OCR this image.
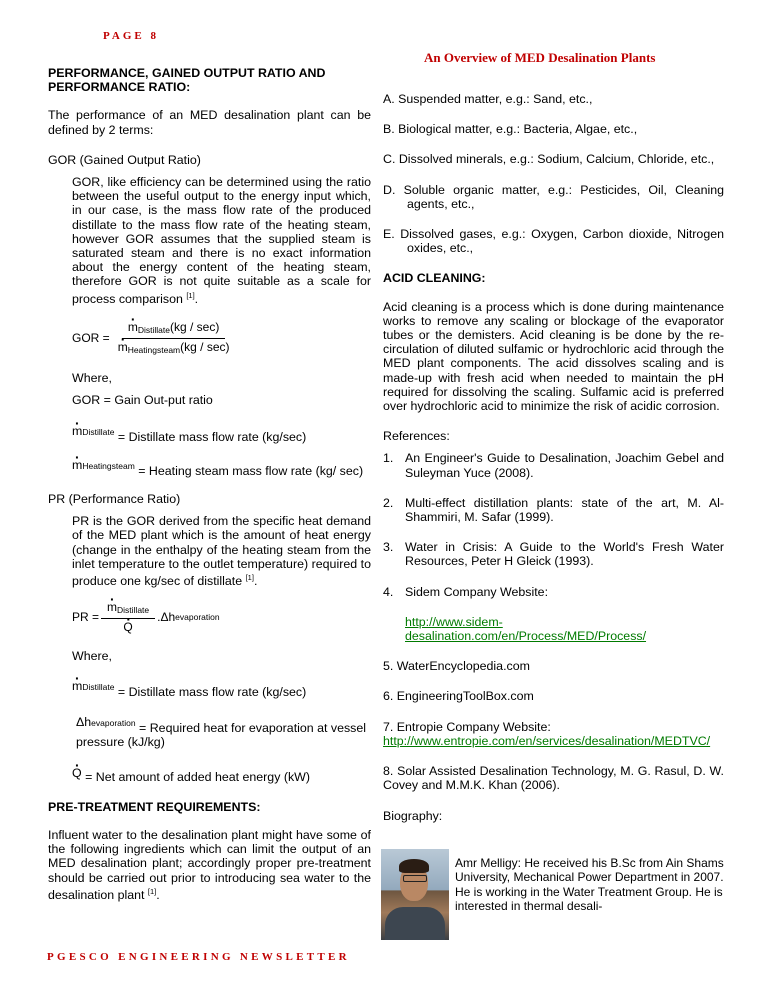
PAGE 8
An Overview of MED Desalination Plants
PERFORMANCE, GAINED OUTPUT RATIO AND PERFORMANCE RATIO:

The performance of an MED desalination plant can be defined by 2 terms:

GOR (Gained Output Ratio)

GOR, like efficiency can be determined using the ratio between the useful output to the energy input which, in our case, is the mass flow rate of the produced distillate to the mass flow rate of the heating steam, however GOR assumes that the supplied steam is saturated steam and there is no exact information about the energy content of the heating steam, therefore GOR is not quite suitable as a scale for process comparison [1].

GOR = · $m_{Distillate}(kg / \sec)$
· $m_{Heatingsteam}(kg / \sec)$

Where,

GOR = Gain Out-put ratio

· $m^{Distillate}$ = Distillate mass flow rate (kg/sec)

· $m^{Heatingsteam}$ = Heating steam mass flow rate (kg/ sec)

PR (Performance Ratio)

PR is the GOR derived from the specific heat demand of the MED plant which is the amount of heat energy (change in the enthalpy of the heating steam from the inlet temperature to the outlet temperature) required to produce one kg/sec of distillate [1].

PR = · $m_{Distillate}$
· Q .Δh evaporation

Where,

· $m^{Distillate}$ = Distillate mass flow rate (kg/sec)

$\Delta h^{evaporation}$ = Required heat for evaporation at vessel pressure (kJ/kg)

· Q = Net amount of added heat energy (kW)

PRE-TREATMENT REQUIREMENTS:

Influent water to the desalination plant might have some of the following ingredients which can limit the output of an MED desalination plant; accordingly proper pre-treatment should be carried out prior to introducing sea water to the desalination plant [1].

A. Suspended matter, e.g.: Sand, etc.,

B. Biological matter, e.g.: Bacteria, Algae, etc.,

C. Dissolved minerals, e.g.: Sodium, Calcium, Chloride, etc.,

D. Soluble organic matter, e.g.: Pesticides, Oil, Cleaning agents, etc.,

E. Dissolved gases, e.g.: Oxygen, Carbon dioxide, Nitrogen oxides, etc.,

ACID CLEANING:

Acid cleaning is a process which is done during maintenance works to remove any scaling or blockage of the evaporator tubes or the demisters. Acid cleaning is be done by the re-circulation of diluted sulfamic or hydrochloric acid through the MED plant components. The acid dissolves scaling and is made-up with fresh acid when needed to maintain the pH required for dissolving the scaling. Sulfamic acid is preferred over hydrochloric acid to minimize the risk of acidic corrosion.

References:

1. An Engineer's Guide to Desalination, Joachim Gebel and Suleyman Yuce (2008).
2. Multi-effect distillation plants: state of the art, M. Al-Shammiri, M. Safar (1999).
3. Water in Crisis: A Guide to the World's Fresh Water Resources, Peter H Gleick (1993).
4. Sidem Company Website:

http://www.sidem-desalination.com/en/Process/MED/Process/

5. WaterEncyclopedia.com

6. EngineeringToolBox.com

7. Entropie Company Website: http://www.entropie.com/en/services/desalination/MEDTVC/

8. Solar Assisted Desalination Technology, M. G. Rasul, D. W. Covey and M.M.K. Khan (2006).

Biography:

Amr Melligy: He received his B.Sc from Ain Shams University, Mechanical Power Department in 2007. He is working in the Water Treatment Group. He is interested in thermal desali-

PGESCO ENGINEERING NEWSLETTER
